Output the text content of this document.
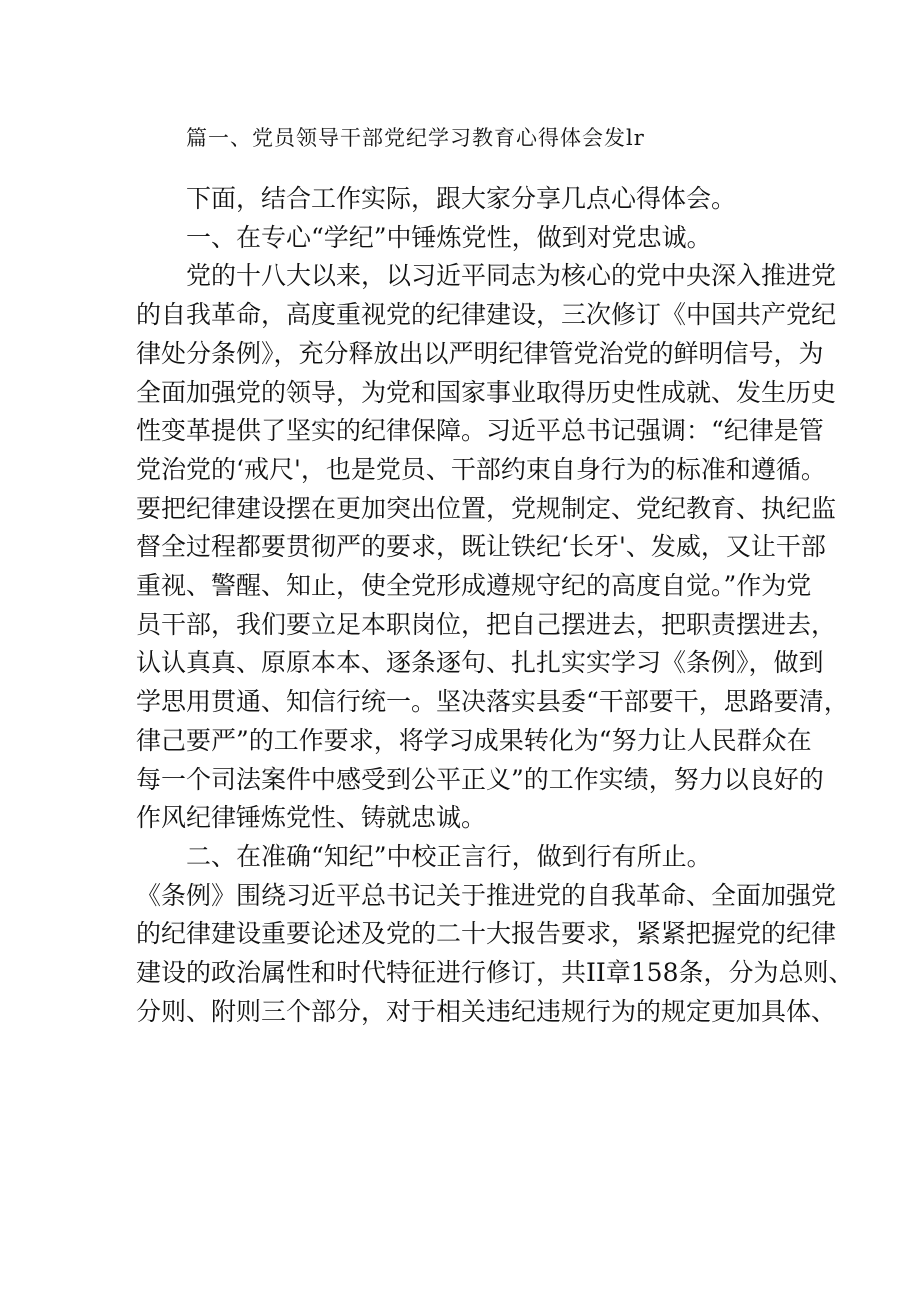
篇一、党员领导干部党纪学习教育心得体会发lr

下面，结合工作实际，跟大家分享几点心得体会。

一、在专心“学纪”中锤炼党性，做到对党忠诚。

党的十八大以来，以习近平同志为核心的党中央深入推进党
的自我革命，高度重视党的纪律建设，三次修订《中国共产党纪
律处分条例》，充分释放出以严明纪律管党治党的鲜明信号，为
全面加强党的领导，为党和国家事业取得历史性成就、发生历史
性变革提供了坚实的纪律保障。习近平总书记强调：“纪律是管
党治党的‘戒尺'，也是党员、干部约束自身行为的标准和遵循。
要把纪律建设摆在更加突出位置，党规制定、党纪教育、执纪监
督全过程都要贯彻严的要求，既让铁纪‘长牙'、发威，又让干部
重视、警醒、知止，使全党形成遵规守纪的高度自觉。”作为党
员干部，我们要立足本职岗位，把自己摆进去，把职责摆进去，
认认真真、原原本本、逐条逐句、扎扎实实学习《条例》，做到
学思用贯通、知信行统一。坚决落实县委“干部要干，思路要清，
律己要严”的工作要求，将学习成果转化为“努力让人民群众在
每一个司法案件中感受到公平正义”的工作实绩，努力以良好的
作风纪律锤炼党性、铸就忠诚。

二、在准确“知纪”中校正言行，做到行有所止。

《条例》围绕习近平总书记关于推进党的自我革命、全面加强党
的纪律建设重要论述及党的二十大报告要求，紧紧把握党的纪律
建设的政治属性和时代特征进行修订，共II章158条，分为总则、
分则、附则三个部分，对于相关违纪违规行为的规定更加具体、
